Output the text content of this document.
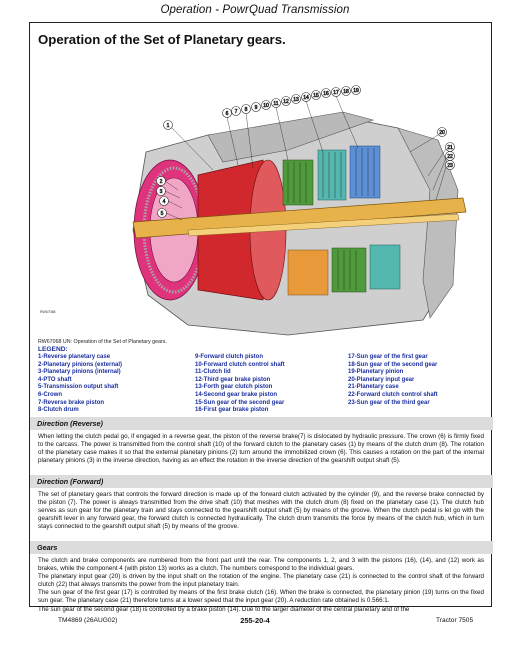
Operation - PowrQuad Transmission
Operation of the Set of Planetary gears.
1
2
3
4
5
6 7 8 9 10 11 12 13 14 15 16 17 18 19
20
21
22
23
RW67068
RW67068 UN: Operation of the Set of Planetary gears.
LEGEND:
1-Reverse planetary case
2-Planetary pinions (external)
3-Planetary pinions (internal)
4-PTO shaft
5-Transmission output shaft
6-Crown
7-Reverse brake piston
8-Clutch drum
9-Forward clutch piston
10-Forward clutch control shaft
11-Clutch lid
12-Third gear brake piston
13-Forth gear clutch piston
14-Second gear brake piston
15-Sun gear of the second gear
16-First gear brake piston
17-Sun gear of the first gear
18-Sun gear of the second gear
19-Planetary pinion
20-Planetary input gear
21-Planetary case
22-Forward clutch control shaft
23-Sun gear of the third gear
Direction (Reverse)

When letting the clutch pedal go, if engaged in a reverse gear, the piston of the reverse brake(7) is dislocated by hydraulic pressure. The crown (6) is firmly fixed to the carcass. The power is transmitted from the control shaft (10) of the forward clutch to the planetary cases (1) by means of the clutch drum (8). The rotation of the planetary case makes it so that the external planetary pinions (2) turn around the immobilized crown (6). This causes a rotation on the part of the internal planetary pinions (3) in the inverse direction, having as an effect the rotation in the inverse direction of the gearshift output shaft (5).

Direction (Forward)

The set of planetary gears that controls the forward direction is made up of the forward clutch activated by the cylinder (9), and the reverse brake connected by the piston (7). The power is always transmitted from the drive shaft (10) that meshes with the clutch drum (8) fixed on the planetary case (1). The clutch hub serves as sun gear for the planetary train and stays connected to the gearshift output shaft (5) by means of the groove. When the clutch pedal is let go with the gearshift lever in any forward gear, the forward clutch is connected hydraulically. The clutch drum transmits the force by means of the clutch hub, which in turn stays connected to the gearshift output shaft (5) by means of the groove.

Gears

The clutch and brake components are numbered from the front part until the rear. The components 1, 2, and 3 with the pistons (16), (14), and (12) work as brakes, while the component 4 (with piston 13) works as a clutch. The numbers correspond to the individual gears.

The planetary input gear (20) is driven by the input shaft on the rotation of the engine. The planetary case (21) is connected to the control shaft of the forward clutch (22) that always transmits the power from the input planetary train.

The sun gear of the first gear (17) is controlled by means of the first brake clutch (16). When the brake is connected, the planetary pinion (19) turns on the fixed sun gear. The planetary case (21) therefore turns at a lower speed that the input gear (20). A reduction rate obtained is 0.566:1.

The sun gear of the second gear (18) is controlled by a brake piston (14). Due to the larger diameter of the central planetary and of the

TM4869 (26AUG02)	255-20-4	Tractor 7505
